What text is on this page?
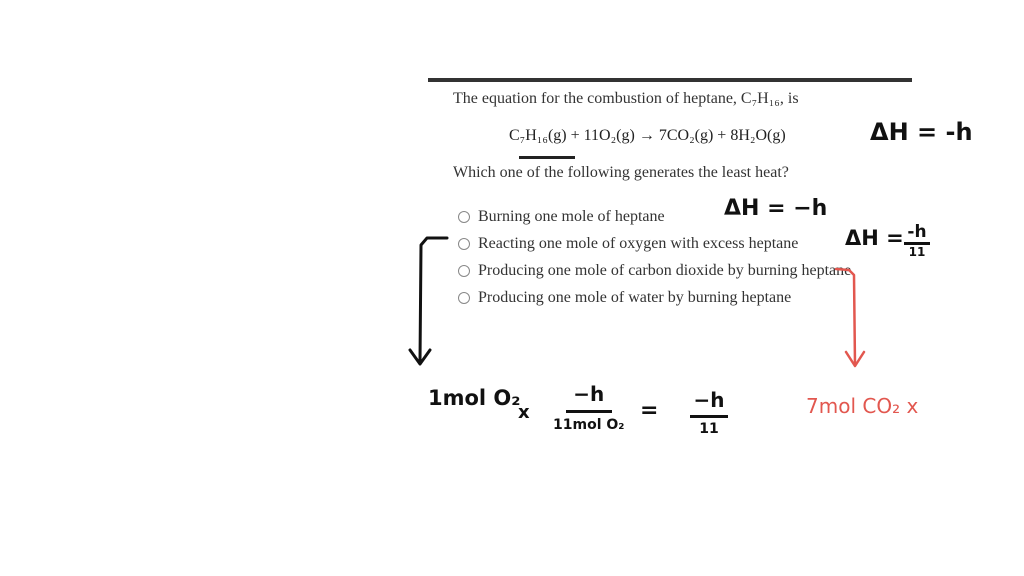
The equation for the combustion of heptane, C₇H₁₆, is
C₇H₁₆(g) + 11O₂(g) → 7CO₂(g) + 8H₂O(g)
Which one of the following generates the least heat?
Burning one mole of heptane
Reacting one mole of oxygen with excess heptane
Producing one mole of carbon dioxide by burning heptane
Producing one mole of water by burning heptane
ΔH = -h
ΔH = −h
ΔH = -h
11
1mol O₂
x
−h
11mol O₂
= −h
11
7mol CO₂ x
